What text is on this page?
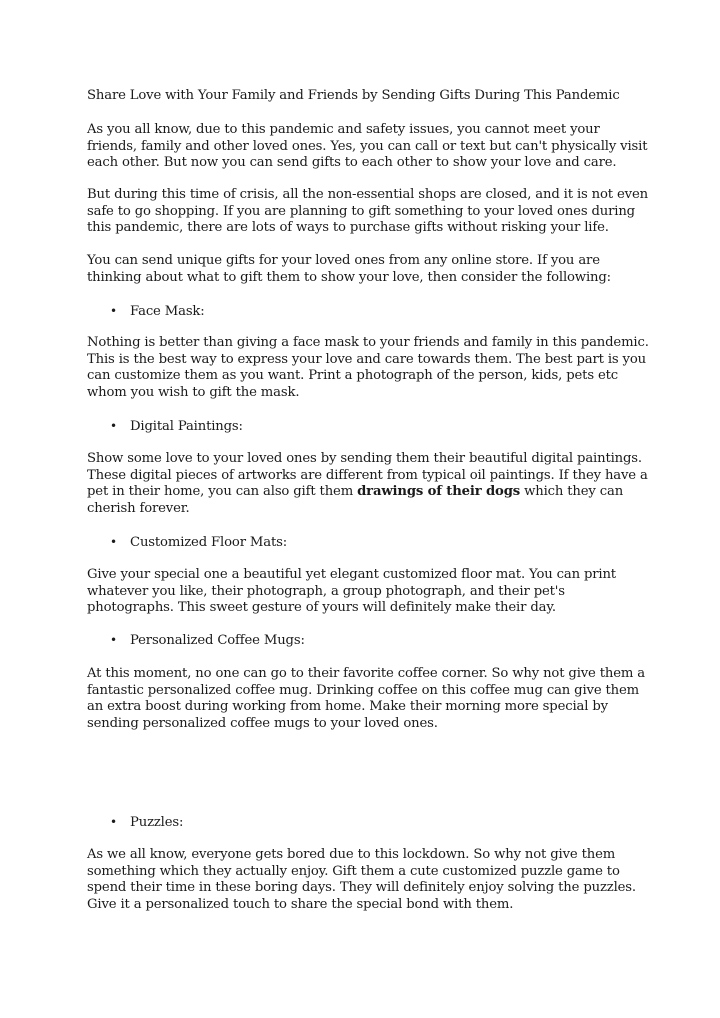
Share Love with Your Family and Friends by Sending Gifts During This Pandemic

As you all know, due to this pandemic and safety issues, you cannot meet your
friends, family and other loved ones. Yes, you can call or text but can't physically visit
each other. But now you can send gifts to each other to show your love and care.

But during this time of crisis, all the non-essential shops are closed, and it is not even
safe to go shopping. If you are planning to gift something to your loved ones during
this pandemic, there are lots of ways to purchase gifts without risking your life.

You can send unique gifts for your loved ones from any online store. If you are
thinking about what to gift them to show your love, then consider the following:

• Face Mask:

Nothing is better than giving a face mask to your friends and family in this pandemic.
This is the best way to express your love and care towards them. The best part is you
can customize them as you want. Print a photograph of the person, kids, pets etc
whom you wish to gift the mask.

• Digital Paintings:

Show some love to your loved ones by sending them their beautiful digital paintings.
These digital pieces of artworks are different from typical oil paintings. If they have a
pet in their home, you can also gift them drawings of their dogs which they can
cherish forever.

• Customized Floor Mats:

Give your special one a beautiful yet elegant customized floor mat. You can print
whatever you like, their photograph, a group photograph, and their pet's
photographs. This sweet gesture of yours will definitely make their day.

• Personalized Coffee Mugs:

At this moment, no one can go to their favorite coffee corner. So why not give them a
fantastic personalized coffee mug. Drinking coffee on this coffee mug can give them
an extra boost during working from home. Make their morning more special by
sending personalized coffee mugs to your loved ones.

• Puzzles:

As we all know, everyone gets bored due to this lockdown. So why not give them
something which they actually enjoy. Gift them a cute customized puzzle game to
spend their time in these boring days. They will definitely enjoy solving the puzzles.
Give it a personalized touch to share the special bond with them.
